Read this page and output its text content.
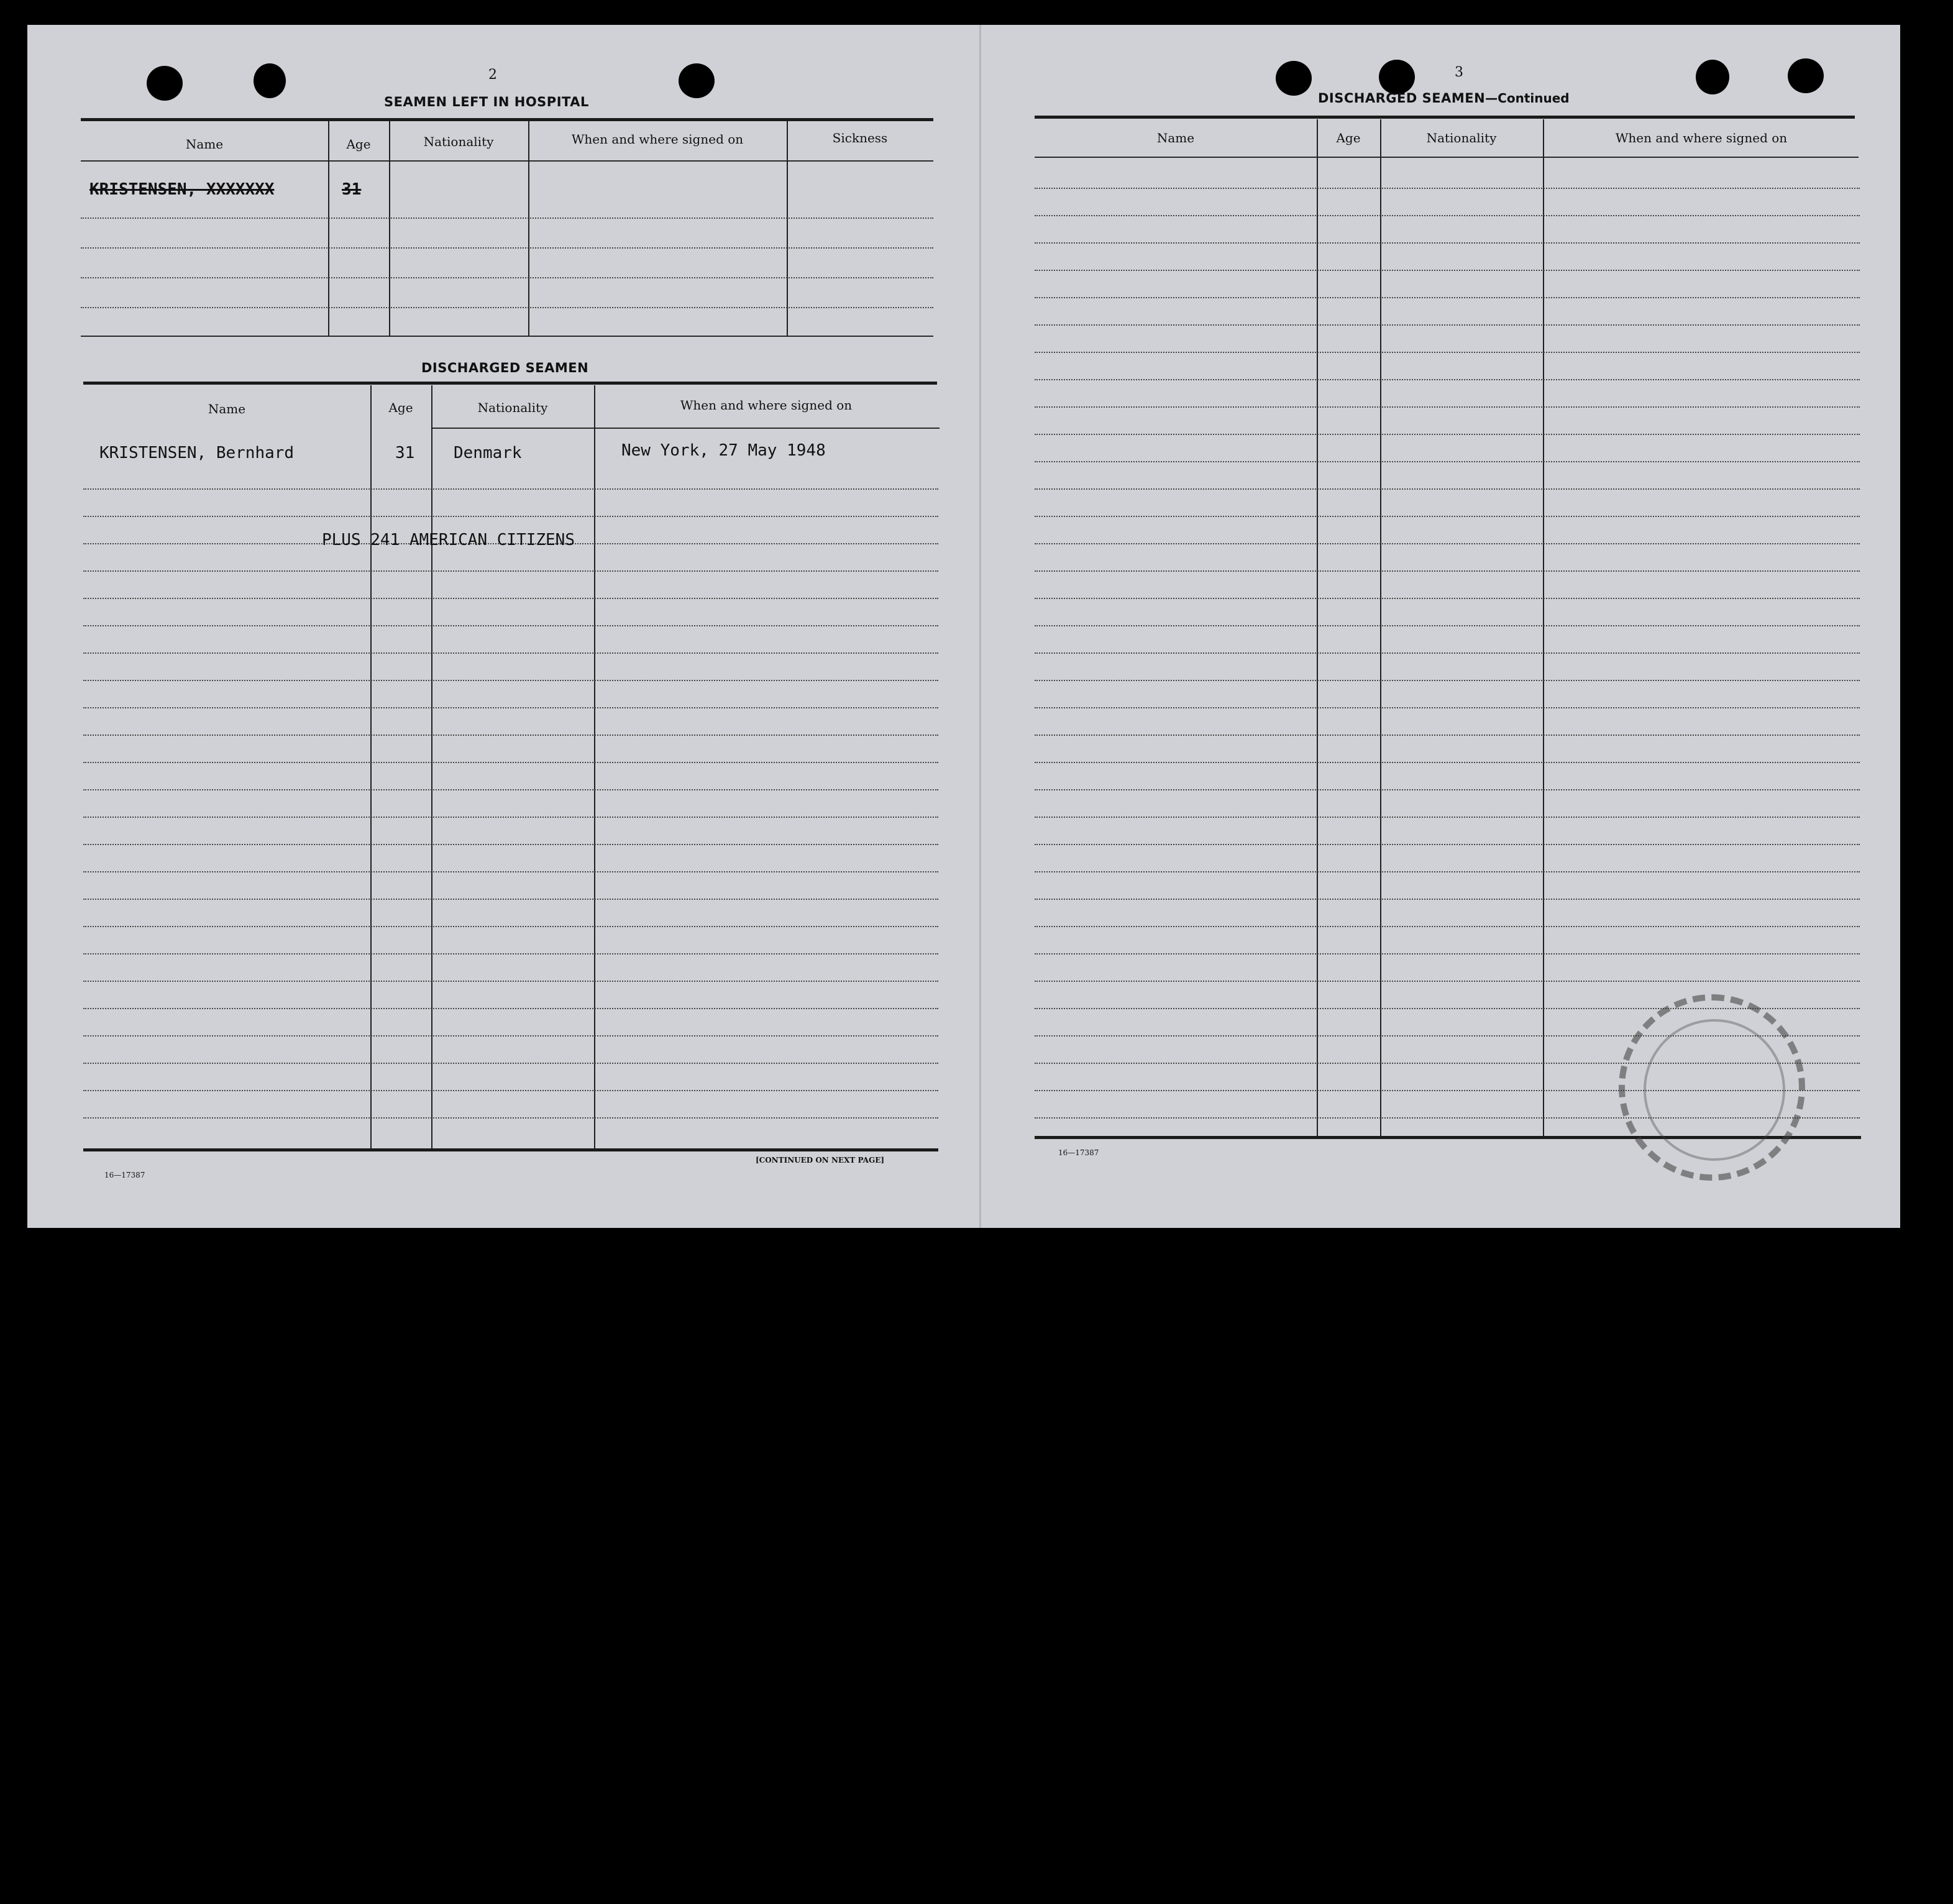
2
SEAMEN LEFT IN HOSPITAL
Name	Age	Nationality	When and where signed on	Sickness
KRISTENSEN, XXXXXXX	31
DISCHARGED SEAMEN
Name	Age	Nationality	When and where signed on
KRISTENSEN, Bernhard	31 Denmark	New York, 27 May 1948
PLUS 241 AMERICAN CITIZENS
16—17387
[CONTINUED ON NEXT PAGE]
3
DISCHARGED SEAMEN—Continued
Name	Age	Nationality	When and where signed on
16—17387
